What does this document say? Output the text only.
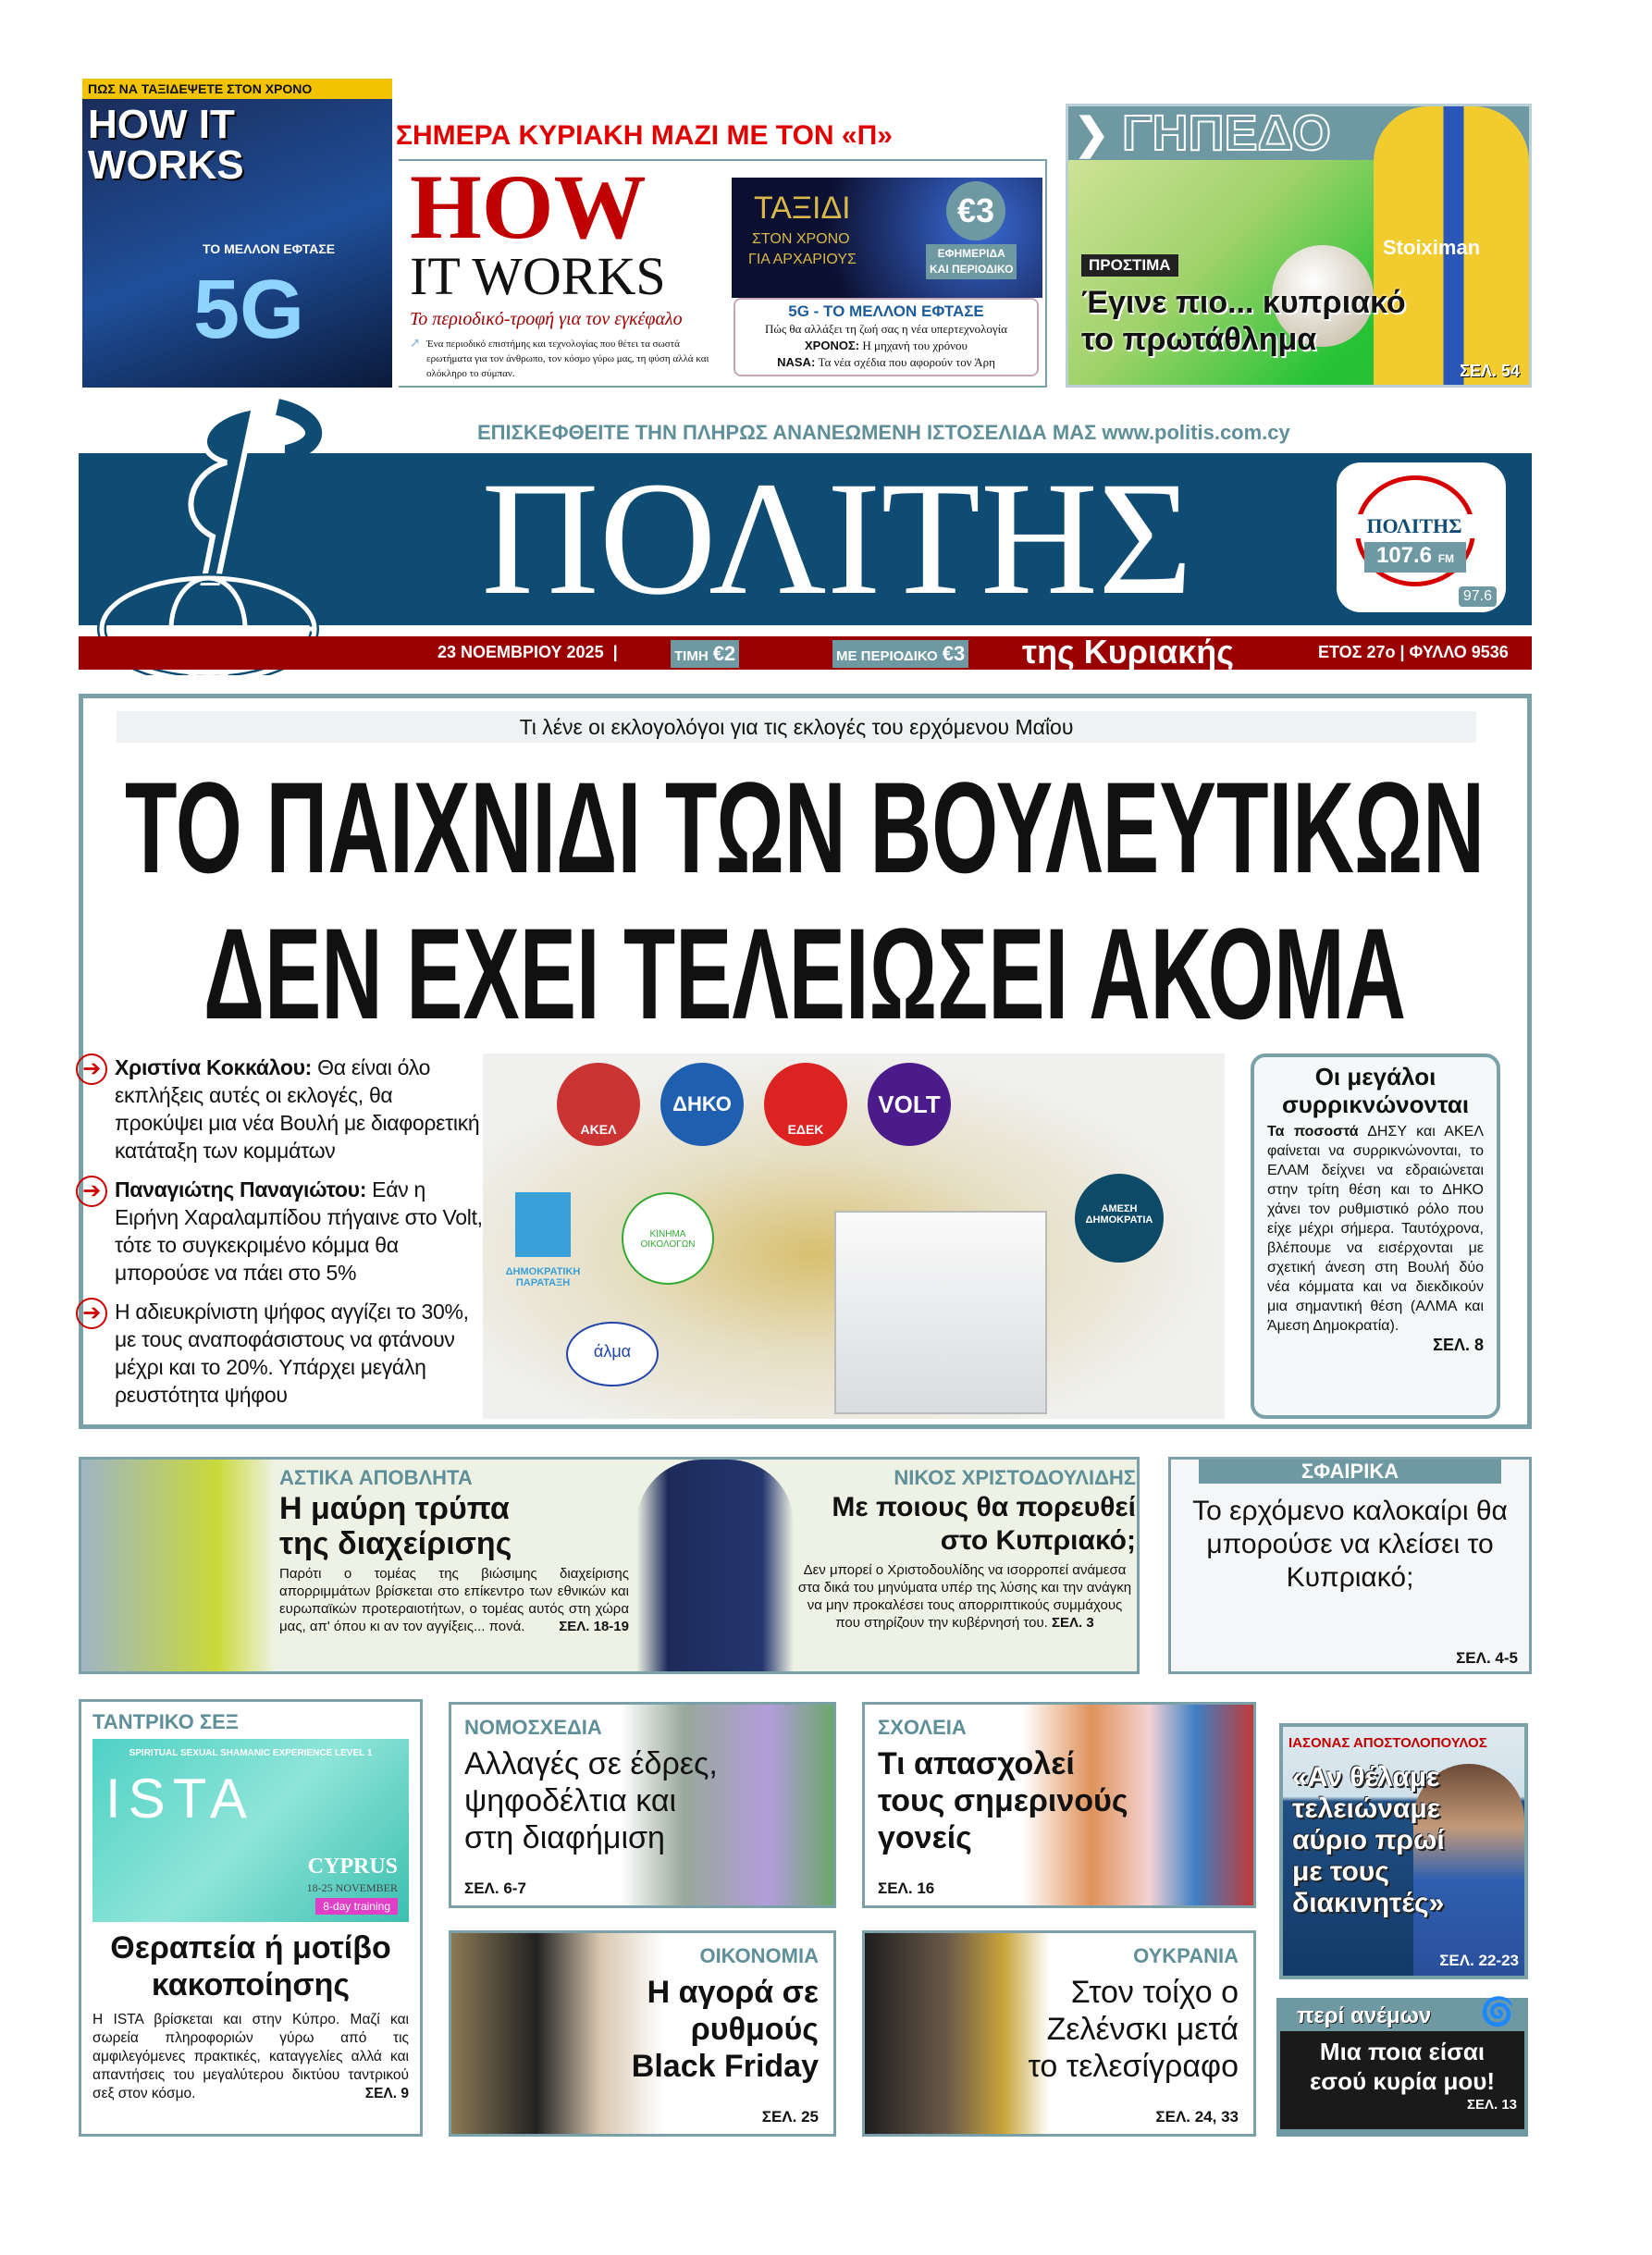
ΠΩΣ ΝΑ ΤΑΞΙΔΕΨΕΤΕ ΣΤΟΝ ΧΡΟΝΟ
HOW IT WORKS
ΤΟ ΜΕΛΛΟΝ ΕΦΤΑΣΕ
5G
ΣΗΜΕΡΑ ΚΥΡΙΑΚΗ ΜΑΖΙ ΜΕ ΤΟΝ «Π»
HOW
IT WORKS
Το περιοδικό-τροφή για τον εγκέφαλο
➚ Ένα περιοδικό επιστήμης και τεχνολογίας που θέτει τα σωστά ερωτήματα για τον άνθρωπο, τον κόσμο γύρω μας, τη φύση αλλά και ολόκληρο το σύμπαν.
ΤΑΞΙΔΙ
ΣΤΟΝ ΧΡΟΝΟ
ΓΙΑ ΑΡΧΑΡΙΟΥΣ
€3
ΕΦΗΜΕΡΙΔΑ
ΚΑΙ ΠΕΡΙΟΔΙΚΟ
5G - ΤΟ ΜΕΛΛΟΝ ΕΦΤΑΣΕ
Πώς θα αλλάξει τη ζωή σας η νέα υπερτεχνολογία
ΧΡΟΝΟΣ: Η μηχανή του χρόνου
NASA: Τα νέα σχέδια που αφορούν τον Άρη
Stoiximan
❯ ΓΗΠΕΔΟ
ΠΡΟΣΤΙΜΑ
Έγινε πιο... κυπριακό
το πρωτάθλημα
ΣΕΛ. 54
ΕΠΙΣΚΕΦΘΕΙΤΕ ΤΗΝ ΠΛΗΡΩΣ ΑΝΑΝΕΩΜΕΝΗ ΙΣΤΟΣΕΛΙΔΑ ΜΑΣ www.politis.com.cy
ΠΟΛΙΤΗΣ	ΠΟΛΙΤΗΣ
107.6 FM
97.6
23 ΝΟΕΜΒΡΙΟΥ 2025  |	ΤΙΜΗ €2	ΜΕ ΠΕΡΙΟΔΙΚΟ €3 της Κυριακής	ΕΤΟΣ 27ο | ΦΥΛΛΟ 9536
Τι λένε οι εκλογολόγοι για τις εκλογές του ερχόμενου Μαΐου
ΤΟ ΠΑΙΧΝΙΔΙ ΤΩΝ ΒΟΥΛΕΥΤΙΚΩΝ
ΔΕΝ ΕΧΕΙ ΤΕΛΕΙΩΣΕΙ ΑΚΟΜΑ
➔ Χριστίνα Κοκκάλου: Θα είναι όλο εκπλήξεις αυτές οι εκλογές, θα προκύψει μια νέα Βουλή με διαφορετική κατάταξη των κομμάτων
➔ Παναγιώτης Παναγιώτου: Εάν η Ειρήνη Χαραλαμπίδου πήγαινε στο Volt, τότε το συγκεκριμένο κόμμα θα μπορούσε να πάει στο 5%
➔ Η αδιευκρίνιστη ψήφος αγγίζει το 30%, με τους αναποφάσιστους να φτάνουν μέχρι και το 20%. Υπάρχει μεγάλη ρευστότητα ψήφου
ΑΚΕΛ
ΔΗΚΟ
ΕΔΕΚ
VOLT
ΑΜΕΣΗ ΔΗΜΟΚΡΑΤΙΑ
ΔΗΜΟΚΡΑΤΙΚΗ ΠΑΡΑΤΑΞΗ
ΚΙΝΗΜΑ ΟΙΚΟΛΟΓΩΝ
άλμα
Οι μεγάλοι συρρικνώνονται

Τα ποσοστά ΔΗΣΥ και ΑΚΕΛ φαίνεται να συρρικνώνονται, το ΕΛΑΜ δείχνει να εδραιώνεται στην τρίτη θέση και το ΔΗΚΟ χάνει τον ρυθμιστικό ρόλο που είχε μέχρι σήμερα. Ταυτόχρονα, βλέπουμε να εισέρχονται με σχετική άνεση στη Βουλή δύο νέα κόμματα και να διεκδικούν μια σημαντική θέση (ΑΛΜΑ και Άμεση Δημοκρατία).

ΣΕΛ. 8
ΑΣΤΙΚΑ ΑΠΟΒΛΗΤΑ
Η μαύρη τρύπα
της διαχείρισης

Παρότι ο τομέας της βιώσιμης διαχείρισης απορριμμάτων βρίσκεται στο επίκεντρο των εθνικών και ευρωπαϊκών προτεραιοτήτων, ο τομέας αυτός στη χώρα μας, απ' όπου κι αν τον αγγίξεις... πονά. ΣΕΛ. 18-19

ΝΙΚΟΣ ΧΡΙΣΤΟΔΟΥΛΙΔΗΣ
Με ποιους θα πορευθεί
στο Κυπριακό;

Δεν μπορεί ο Χριστοδουλίδης να ισορροπεί ανάμεσα στα δικά του μηνύματα υπέρ της λύσης και την ανάγκη να μην προκαλέσει τους απορριπτικούς συμμάχους που στηρίζουν την κυβέρνησή του. ΣΕΛ. 3

ΣΦΑΙΡΙΚΑ
Το ερχόμενο καλοκαίρι θα μπορούσε να κλείσει το Κυπριακό;
ΣΕΛ. 4-5
ΤΑΝΤΡΙΚΟ ΣΕΞ
SPIRITUAL SEXUAL SHAMANIC EXPERIENCE LEVEL 1
ISTA
CYPRUS
18-25 NOVEMBER
8-day training
Θεραπεία ή μοτίβο
κακοποίησης

Η ISTA βρίσκεται και στην Κύπρο. Μαζί και σωρεία πληροφοριών γύρω από τις αμφιλεγόμενες πρακτικές, καταγγελίες αλλά και απαντήσεις του μεγαλύτερου δικτύου ταντρικού σεξ στον κόσμο.	ΣΕΛ. 9

ΝΟΜΟΣΧΕΔΙΑ
Αλλαγές σε έδρες,
ψηφοδέλτια και
στη διαφήμιση
ΣΕΛ. 6-7
ΣΧΟΛΕΙΑ
Τι απασχολεί
τους σημερινούς
γονείς
ΣΕΛ. 16
ΟΙΚΟΝΟΜΙΑ
Η αγορά σε
ρυθμούς
Black Friday
ΣΕΛ. 25
ΟΥΚΡΑΝΙΑ
Στον τοίχο ο
Ζελένσκι μετά
το τελεσίγραφο
ΣΕΛ. 24, 33
ΙΑΣΟΝΑΣ ΑΠΟΣΤΟΛΟΠΟΥΛΟΣ
«Αν θέλαμε
τελειώναμε
αύριο πρωί
με τους
διακινητές»
ΣΕΛ. 22-23
περί ανέμων	🌀
Μια ποια είσαι
εσού κυρία μου!
ΣΕΛ. 13
